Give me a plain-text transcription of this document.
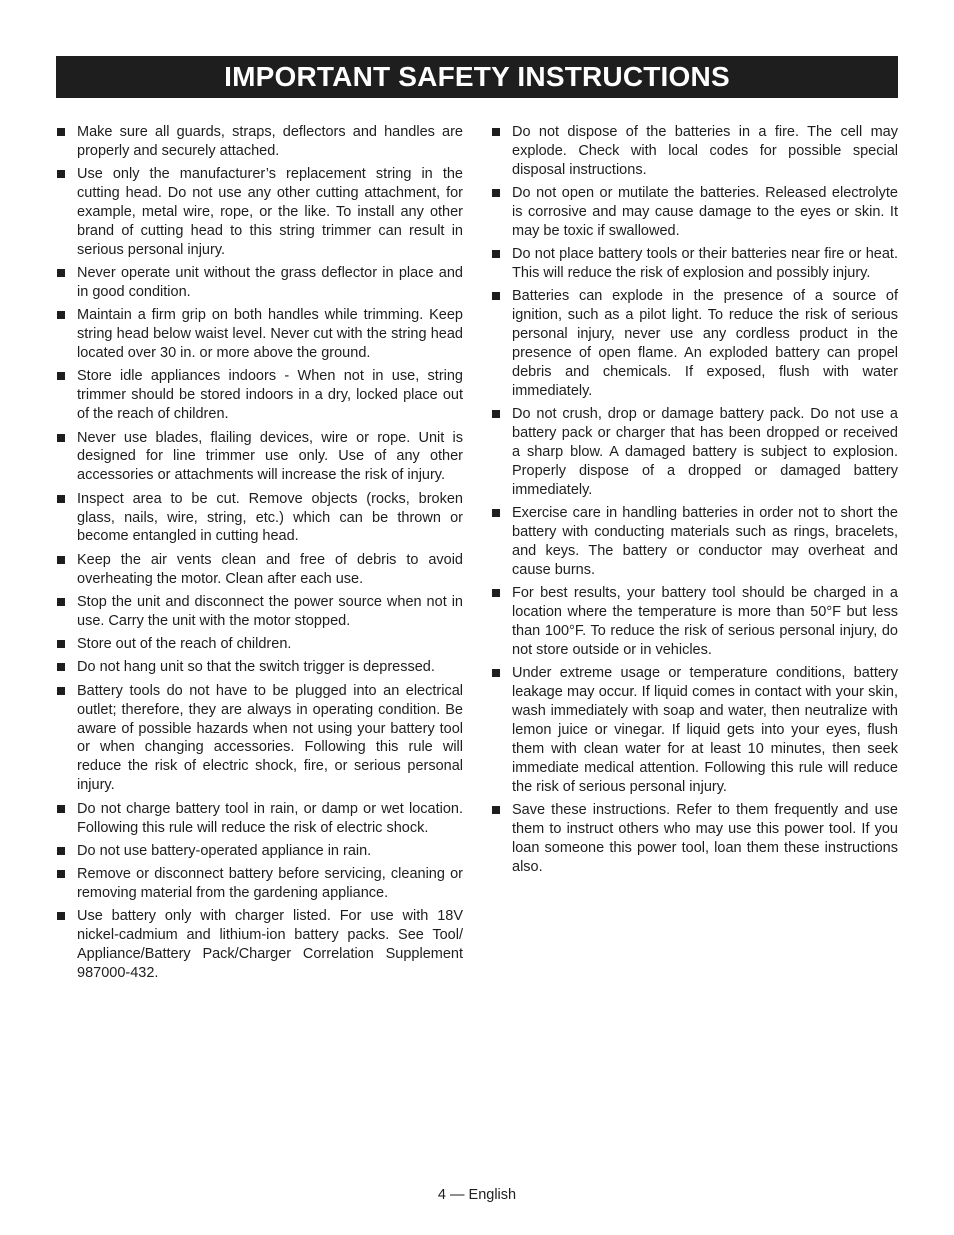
IMPORTANT SAFETY INSTRUCTIONS
Make sure all guards, straps, deflectors and handles are properly and securely attached.
Use only the manufacturer’s replacement string in the cutting head. Do not use any other cutting attachment, for example, metal wire, rope, or the like. To install any other brand of cutting head to this string trimmer can result in serious personal injury.
Never operate unit without the grass deflector in place and in good condition.
Maintain a firm grip on both handles while trimming. Keep string head below waist level. Never cut with the string head located over 30 in. or more above the ground.
Store idle appliances indoors - When not in use, string trimmer should be stored indoors in a dry, locked place out of the reach of children.
Never use blades, flailing devices, wire or rope. Unit is designed for line trimmer use only. Use of any other accessories or attachments will increase the risk of injury.
Inspect area to be cut. Remove objects (rocks, broken glass, nails, wire, string, etc.) which can be thrown or become entangled in cutting head.
Keep the air vents clean and free of debris to avoid overheating the motor. Clean after each use.
Stop the unit and disconnect the power source when not in use. Carry the unit with the motor stopped.
Store out of the reach of children.
Do not hang unit so that the switch trigger is depressed.
Battery tools do not have to be plugged into an electrical outlet; therefore, they are always in operating condition. Be aware of possible hazards when not using your battery tool or when changing accessories. Following this rule will reduce the risk of electric shock, fire, or serious personal injury.
Do not charge battery tool in rain, or damp or wet location. Following this rule will reduce the risk of electric shock.
Do not use battery-operated appliance in rain.
Remove or disconnect battery before servicing, cleaning or removing material from the gardening appliance.
Use battery only with charger listed. For use with 18V nickel-cadmium and lithium-ion battery packs. See Tool/ Appliance/Battery Pack/Charger Correlation Supplement 987000-432.
Do not dispose of the batteries in a fire. The cell may explode. Check with local codes for possible special disposal instructions.
Do not open or mutilate the batteries. Released electrolyte is corrosive and may cause damage to the eyes or skin. It may be toxic if swallowed.
Do not place battery tools or their batteries near fire or heat. This will reduce the risk of explosion and possibly injury.
Batteries can explode in the presence of a source of ignition, such as a pilot light. To reduce the risk of serious personal injury, never use any cordless product in the presence of open flame. An exploded battery can propel debris and chemicals. If exposed, flush with water immediately.
Do not crush, drop or damage battery pack. Do not use a battery pack or charger that has been dropped or received a sharp blow. A damaged battery is subject to explosion. Properly dispose of a dropped or damaged battery immediately.
Exercise care in handling batteries in order not to short the battery with conducting materials such as rings, bracelets, and keys. The battery or conductor may overheat and cause burns.
For best results, your battery tool should be charged in a location where the temperature is more than 50°F but less than 100°F. To reduce the risk of serious personal injury, do not store outside or in vehicles.
Under extreme usage or temperature conditions, battery leakage may occur. If liquid comes in contact with your skin, wash immediately with soap and water, then neutralize with lemon juice or vinegar. If liquid gets into your eyes, flush them with clean water for at least 10 minutes, then seek immediate medical attention. Following this rule will reduce the risk of serious personal injury.
Save these instructions. Refer to them frequently and use them to instruct others who may use this power tool. If you loan someone this power tool, loan them these instructions also.
4 — English
